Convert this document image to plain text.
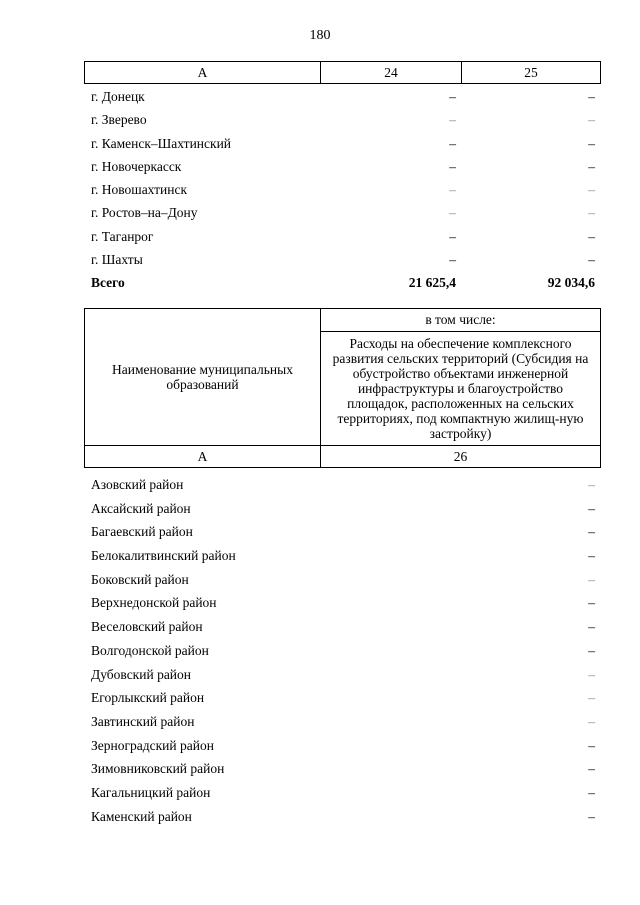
180
А	24	25
г. Донецк	–	–
г. Зверево	–	–
г. Каменск–Шахтинский	–	–
г. Новочеркасск	–	–
г. Новошахтинск	–	–
г. Ростов–на–Дону	–	–
г. Таганрог	–	–
г. Шахты	–	–
Всего	21 625,4	92 034,6
Наименование муниципальных образований	в том числе:
	Расходы на обеспечение комплексного развития сельских территорий (Субсидия на обустройство объектами инженерной инфраструктуры и благоустройство площадок, расположенных на сельских территориях, под компактную жилищ-ную застройку)
А	26
Азовский район	–
Аксайский район	–
Багаевский район	–
Белокалитвинский район	–
Боковский район	–
Верхнедонской район	–
Веселовский район	–
Волгодонской район	–
Дубовский район	–
Егорлыкский район	–
Завтинский район	–
Зерноградский район	–
Зимовниковский район	–
Кагальницкий район	–
Каменский район	–
